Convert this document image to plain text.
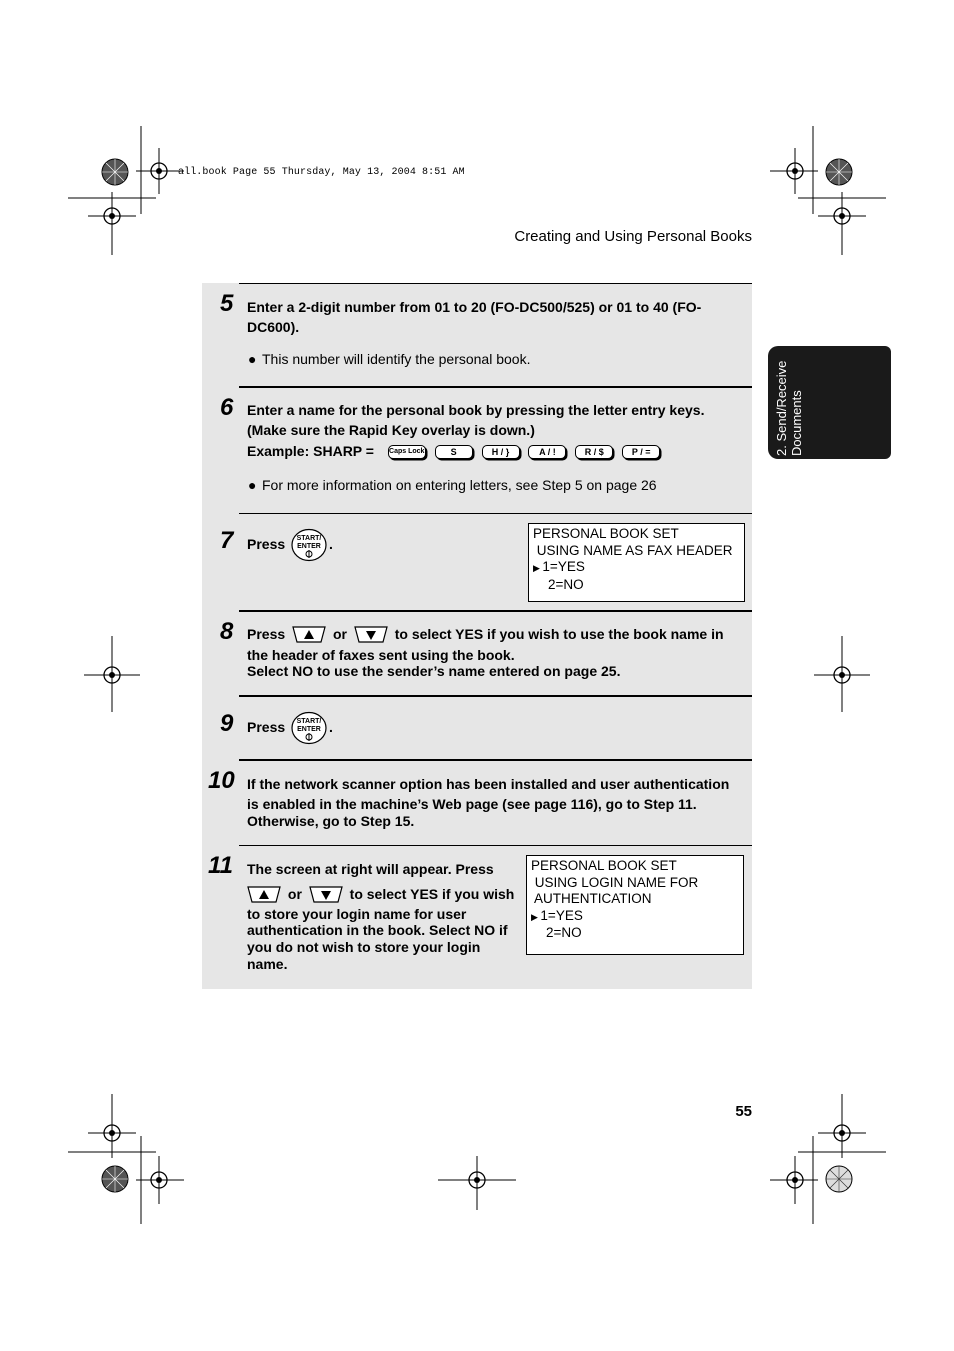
all.book Page 55 Thursday, May 13, 2004 8:51 AM
Creating and Using Personal Books
2. Send/Receive Documents
5 Enter a 2-digit number from 01 to 20 (FO-DC500/525) or 01 to 40 (FO-
DC600).
● This number will identify the personal book.
6 Enter a name for the personal book by pressing the letter entry keys.
(Make sure the Rapid Key overlay is down.)
Example: SHARP = Caps Lock	S	H / }	A / !	R / $	P / =
● For more information on entering letters, see Step 5 on page 26
7 Press START/
ENTER .
PERSONAL BOOK SET
USING NAME AS FAX HEADER
▶ 1=YES
2=NO
8 Press	or	to select YES if you wish to use the book name in
the header of faxes sent using the book.
Select NO to use the sender’s name entered on page 25.
9 Press START/
ENTER .
10 If the network scanner option has been installed and user authentication
is enabled in the machine’s Web page (see page 116), go to Step 11.
Otherwise, go to Step 15.
11 The screen at right will appear. Press
or	to select YES if you wish
to store your login name for user
authentication in the book. Select NO if
you do not wish to store your login
name.
PERSONAL BOOK SET
USING LOGIN NAME FOR
AUTHENTICATION
▶ 1=YES
2=NO
55
